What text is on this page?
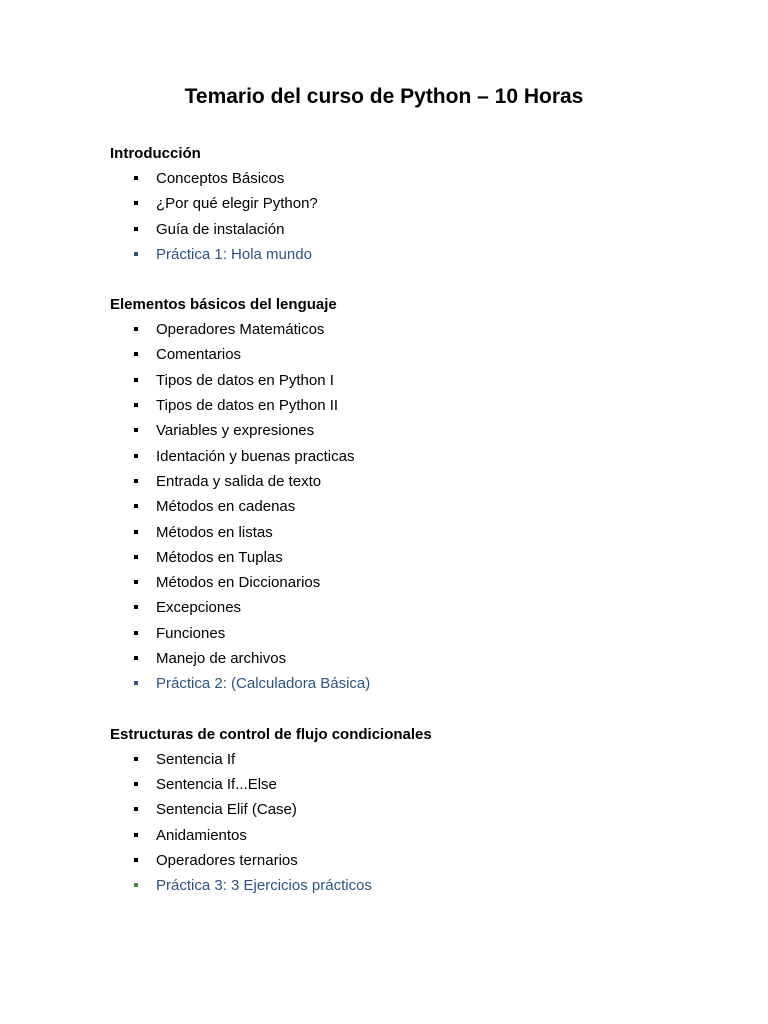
Temario del curso de Python – 10 Horas

Introducción

Conceptos Básicos
¿Por qué elegir Python?
Guía de instalación
Práctica 1: Hola mundo

Elementos básicos del lenguaje

Operadores Matemáticos
Comentarios
Tipos de datos en Python I
Tipos de datos en Python II
Variables y expresiones
Identación y buenas practicas
Entrada y salida de texto
Métodos en cadenas
Métodos en listas
Métodos en Tuplas
Métodos en Diccionarios
Excepciones
Funciones
Manejo de archivos
Práctica 2: (Calculadora Básica)

Estructuras de control de flujo condicionales

Sentencia If
Sentencia If...Else
Sentencia Elif (Case)
Anidamientos
Operadores ternarios
Práctica 3: 3 Ejercicios prácticos
